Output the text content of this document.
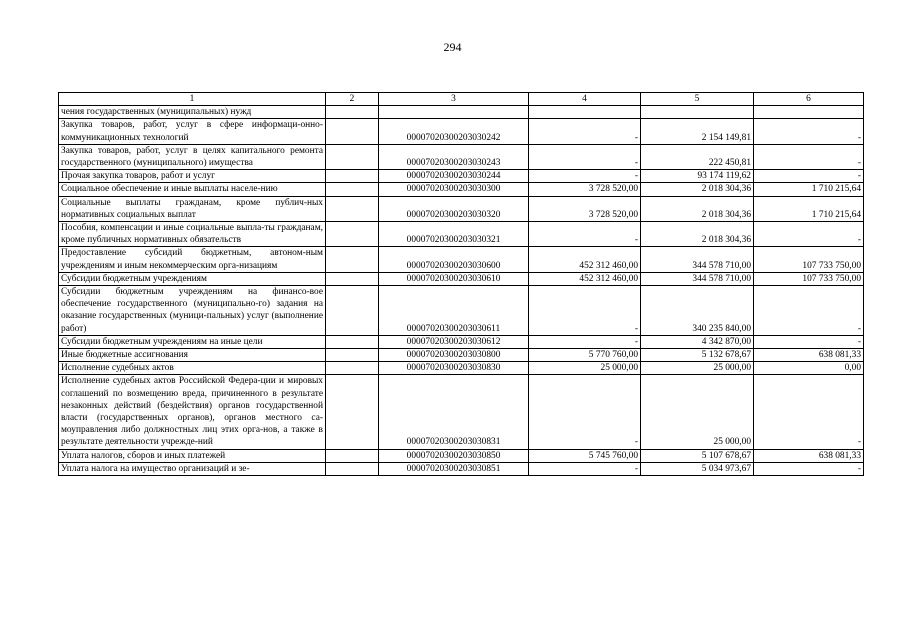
294
1	2	3	4	5	6
чения государственных (муниципальных) нужд					
Закупка товаров, работ, услуг в сфере информаци-онно-коммуникационных технологий		00007020300203030242	-	2 154 149,81	-
Закупка товаров, работ, услуг в целях капитального ремонта государственного (муниципального) имущества		00007020300203030243	-	222 450,81	-
Прочая закупка товаров, работ и услуг		00007020300203030244	-	93 174 119,62	-
Социальное обеспечение и иные выплаты населе-нию		00007020300203030300	3 728 520,00	2 018 304,36	1 710 215,64
Социальные выплаты гражданам, кроме публич-ных нормативных социальных выплат		00007020300203030320	3 728 520,00	2 018 304,36	1 710 215,64
Пособия, компенсации и иные социальные выпла-ты гражданам, кроме публичных нормативных обязательств		00007020300203030321	-	2 018 304,36	-
Предоставление субсидий бюджетным, автоном-ным учреждениям и иным некоммерческим орга-низациям		00007020300203030600	452 312 460,00	344 578 710,00	107 733 750,00
Субсидии бюджетным учреждениям		00007020300203030610	452 312 460,00	344 578 710,00	107 733 750,00
Субсидии бюджетным учреждениям на финансо-вое обеспечение государственного (муниципально-го) задания на оказание государственных (муници-пальных) услуг (выполнение работ)		00007020300203030611	-	340 235 840,00	-
Субсидии бюджетным учреждениям на иные цели		00007020300203030612	-	4 342 870,00	-
Иные бюджетные ассигнования		00007020300203030800	5 770 760,00	5 132 678,67	638 081,33
Исполнение судебных актов		00007020300203030830	25 000,00	25 000,00	0,00
Исполнение судебных актов Российской Федера-ции и мировых соглашений по возмещению вреда, причиненного в результате незаконных действий (бездействия) органов государственной власти (государственных органов), органов местного са-моуправления либо должностных лиц этих орга-нов, а также в результате деятельности учрежде-ний		00007020300203030831	-	25 000,00	-
Уплата налогов, сборов и иных платежей		00007020300203030850	5 745 760,00	5 107 678,67	638 081,33
Уплата налога на имущество организаций и зе-		00007020300203030851	-	5 034 973,67	-
